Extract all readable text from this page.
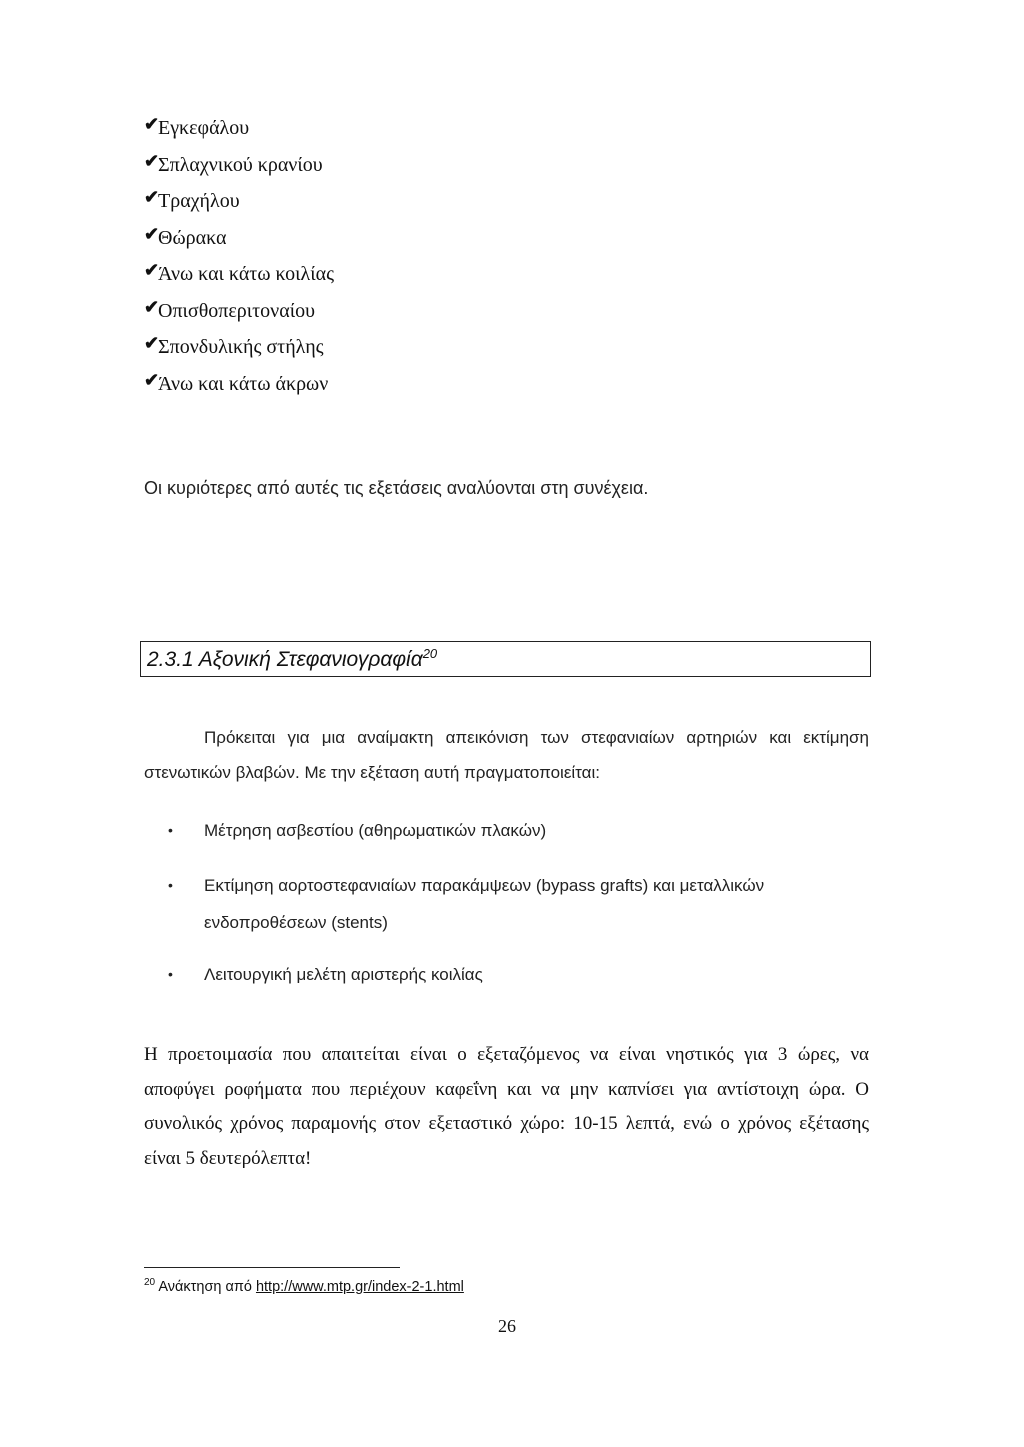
✔Εγκεφάλου
✔Σπλαχνικού κρανίου
✔Τραχήλου
✔Θώρακα
✔Άνω και κάτω κοιλίας
✔Οπισθοπεριτοναίου
✔Σπονδυλικής στήλης
✔Άνω και κάτω άκρων
Οι κυριότερες από αυτές τις εξετάσεις αναλύονται στη συνέχεια.
2.3.1 Αξονική Στεφανιογραφία$^{20}$
Πρόκειται για μια αναίμακτη απεικόνιση των στεφανιαίων αρτηριών και εκτίμηση στενωτικών βλαβών. Με την εξέταση αυτή πραγματοποιείται:
• Μέτρηση ασβεστίου (αθηρωματικών πλακών)
• Εκτίμηση αορτοστεφανιαίων παρακάμψεων (bypass grafts) και μεταλλικών ενδοπροθέσεων (stents)
• Λειτουργική μελέτη αριστερής κοιλίας
Η προετοιμασία που απαιτείται είναι ο εξεταζόμενος να είναι νηστικός για 3 ώρες, να αποφύγει ροφήματα που περιέχουν καφεΐνη και να μην καπνίσει για αντίστοιχη ώρα. Ο συνολικός χρόνος παραμονής στον εξεταστικό χώρο: 10-15 λεπτά, ενώ ο χρόνος εξέτασης είναι 5 δευτερόλεπτα!
$^{20}$ Ανάκτηση από http://www.mtp.gr/index-2-1.html
26
